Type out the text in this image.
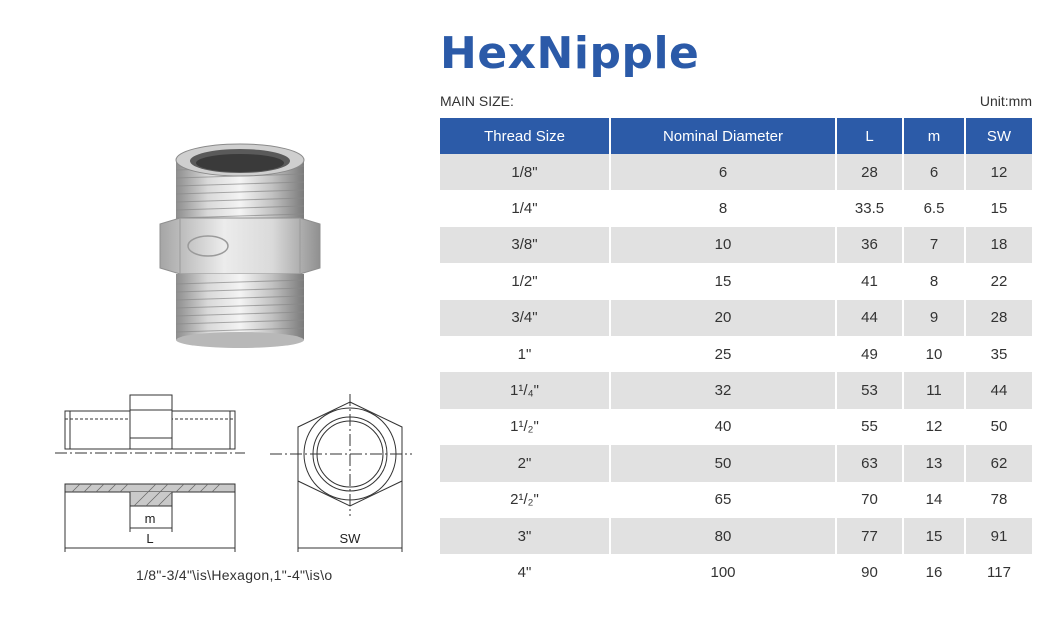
HexNipple
MAIN SIZE:	Unit:mm
Thread Size	Nominal Diameter	L	m	SW
1/8"	6	28	6	12
1/4"	8	33.5	6.5	15
3/8"	10	36	7	18
1/2"	15	41	8	22
3/4"	20	44	9	28
1"	25	49	10	35
1¹/₄"	32	53	11	44
1¹/₂"	40	55	12	50
2"	50	63	13	62
2¹/₂"	65	70	14	78
3"	80	77	15	91
4"	100	90	16	117
m
L	SW
1/8"-3/4"\is\Hexagon,1"-4"\is\o
